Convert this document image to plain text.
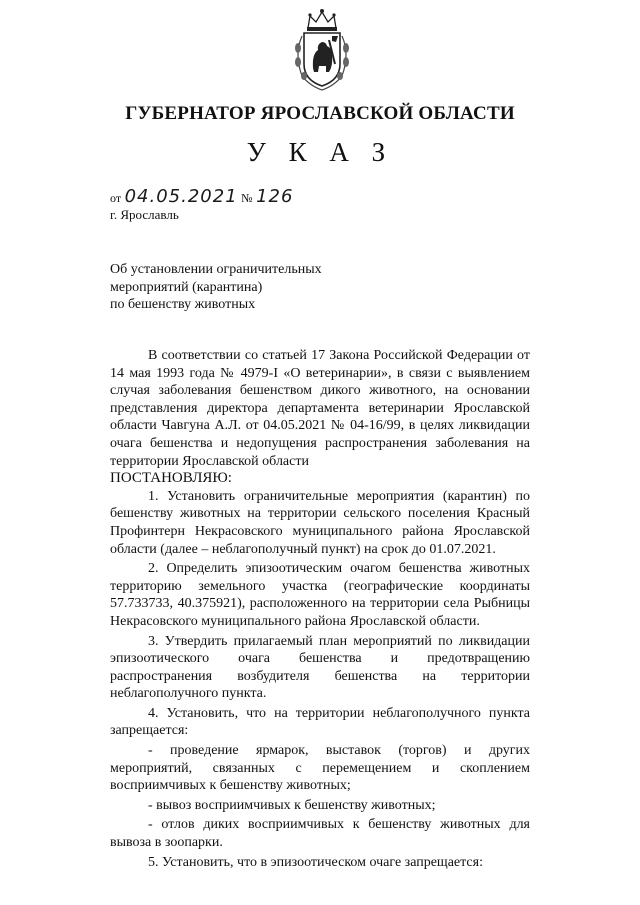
ГУБЕРНАТОР ЯРОСЛАВСКОЙ ОБЛАСТИ
У К А З
от 04.05.2021 № 126
г. Ярославль
Об установлении ограничительных
мероприятий (карантина)
по бешенству животных

В соответствии со статьей 17 Закона Российской Федерации от 14 мая 1993 года № 4979-I «О ветеринарии», в связи с выявлением случая заболевания бешенством дикого животного, на основании представления директора департамента ветеринарии Ярославской области Чавгуна А.Л. от 04.05.2021 № 04-16/99, в целях ликвидации очага бешенства и недопущения распространения заболевания на территории Ярославской области

ПОСТАНОВЛЯЮ:

1. Установить ограничительные мероприятия (карантин) по бешенству животных на территории сельского поселения Красный Профинтерн Некрасовского муниципального района Ярославской области (далее – неблагополучный пункт) на срок до 01.07.2021.

2. Определить эпизоотическим очагом бешенства животных территорию земельного участка (географические координаты 57.733733, 40.375921), расположенного на территории села Рыбницы Некрасовского муниципального района Ярославской области.

3. Утвердить прилагаемый план мероприятий по ликвидации эпизоотического очага бешенства и предотвращению распространения возбудителя бешенства на территории неблагополучного пункта.

4. Установить, что на территории неблагополучного пункта запрещается:

- проведение ярмарок, выставок (торгов) и других мероприятий, связанных с перемещением и скоплением восприимчивых к бешенству животных;

- вывоз восприимчивых к бешенству животных;

- отлов диких восприимчивых к бешенству животных для вывоза в зоопарки.

5. Установить, что в эпизоотическом очаге запрещается:
